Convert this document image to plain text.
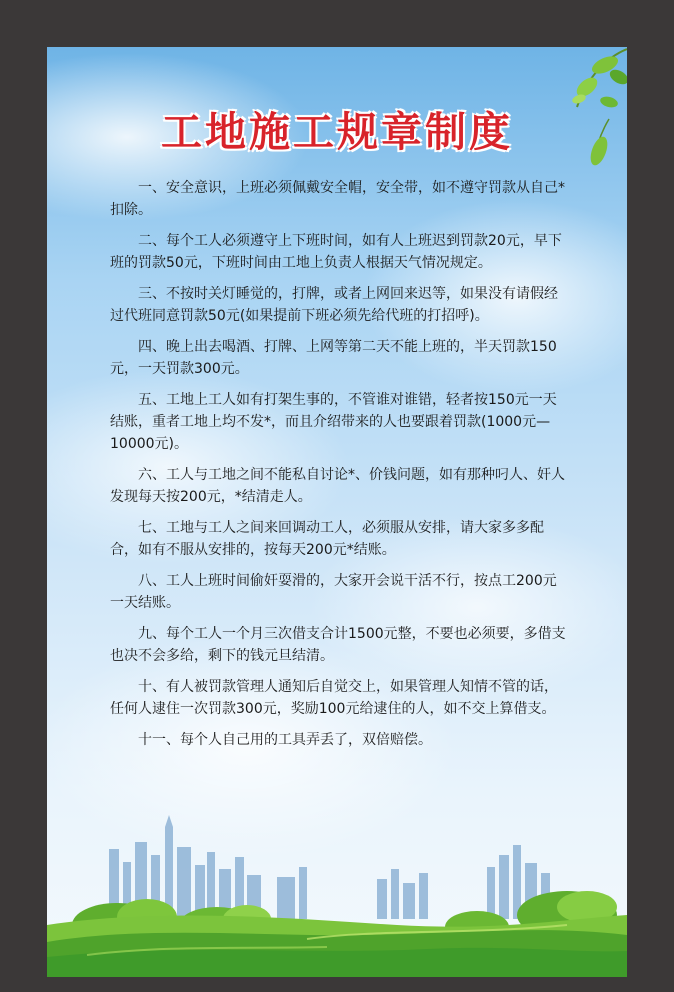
工地施工规章制度

一、安全意识，上班必须佩戴安全帽，安全带，如不遵守罚款从自己*扣除。

二、每个工人必须遵守上下班时间，如有人上班迟到罚款20元，早下班的罚款50元，下班时间由工地上负责人根据天气情况规定。

三、不按时关灯睡觉的，打牌，或者上网回来迟等，如果没有请假经过代班同意罚款50元(如果提前下班必须先给代班的打招呼)。

四、晚上出去喝酒、打牌、上网等第二天不能上班的，半天罚款150元，一天罚款300元。

五、工地上工人如有打架生事的，不管谁对谁错，轻者按150元一天结账，重者工地上均不发*，而且介绍带来的人也要跟着罚款(1000元—10000元)。

六、工人与工地之间不能私自讨论*、价钱问题，如有那种叼人、奸人发现每天按200元，*结清走人。

七、工地与工人之间来回调动工人，必须服从安排，请大家多多配合，如有不服从安排的，按每天200元*结账。

八、工人上班时间偷奸耍滑的，大家开会说干活不行，按点工200元一天结账。

九、每个工人一个月三次借支合计1500元整，不要也必须要，多借支也决不会多给，剩下的钱元旦结清。

十、有人被罚款管理人通知后自觉交上，如果管理人知情不管的话，任何人逮住一次罚款300元，奖励100元给逮住的人，如不交上算借支。

十一、每个人自己用的工具弄丢了，双倍赔偿。
